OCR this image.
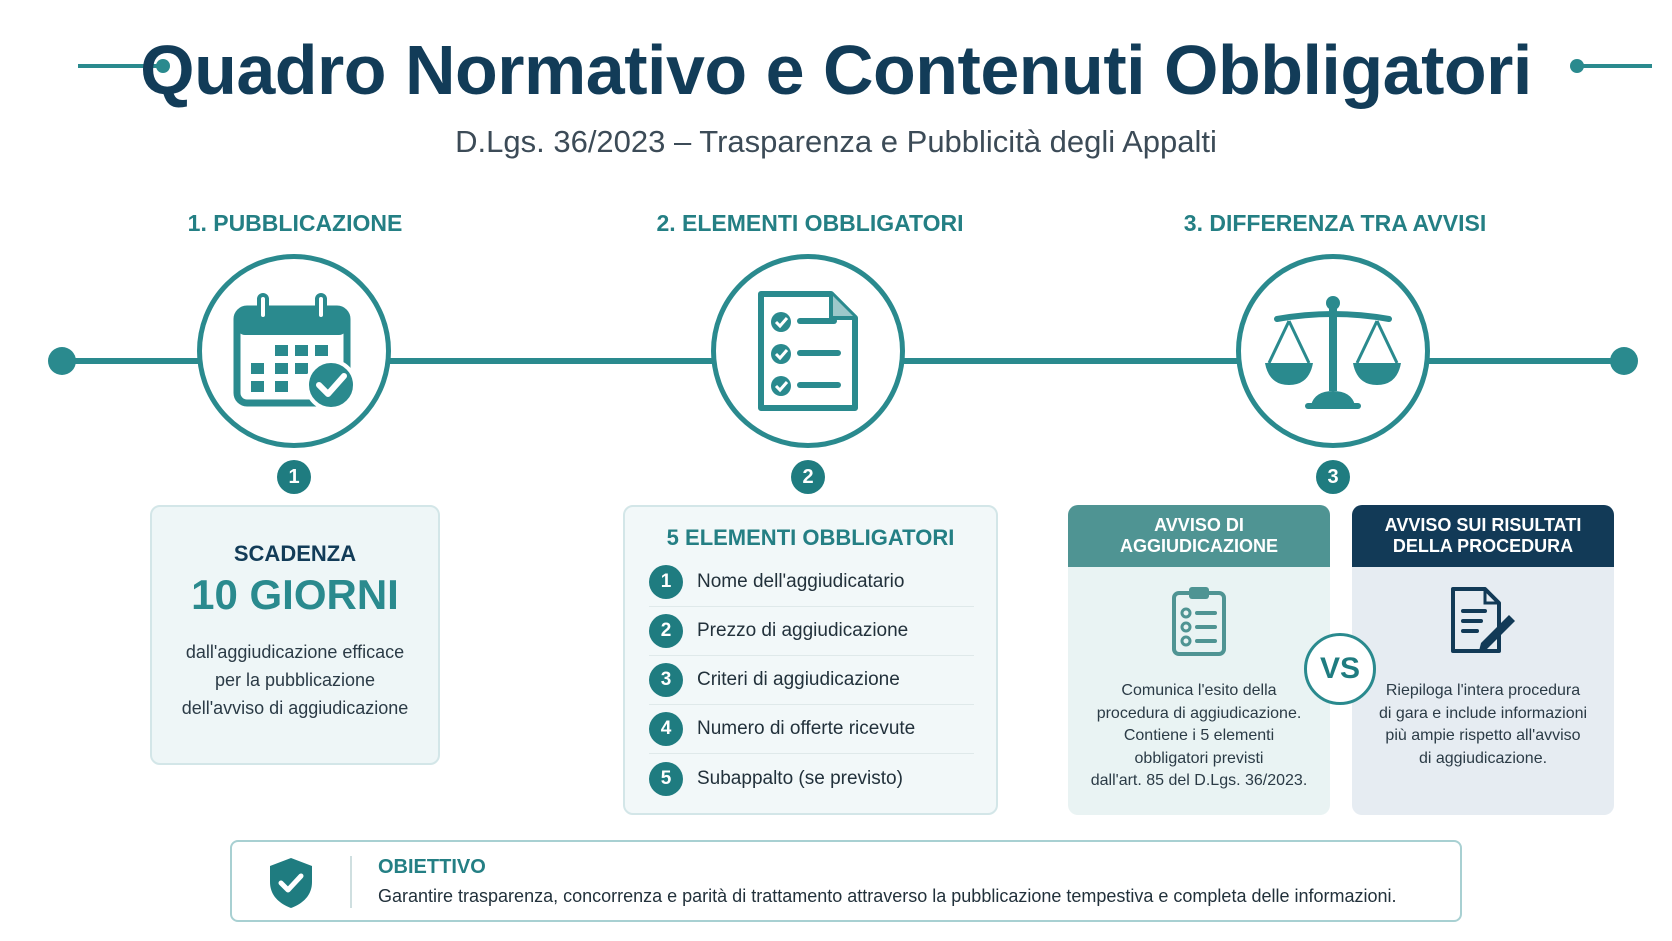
Quadro Normativo e Contenuti Obbligatori
D.Lgs. 36/2023 – Trasparenza e Pubblicità degli Appalti
1. PUBBLICAZIONE	2. ELEMENTI OBBLIGATORI	3. DIFFERENZA TRA AVVISI
1	2	3
SCADENZA
10 GIORNI
dall'aggiudicazione efficace
per la pubblicazione
dell'avviso di aggiudicazione
5 ELEMENTI OBBLIGATORI
1	Nome dell'aggiudicatario
2	Prezzo di aggiudicazione
3	Criteri di aggiudicazione
4	Numero di offerte ricevute
5	Subappalto (se previsto)
AVVISO DI
AGGIUDICAZIONE
Comunica l'esito della
procedura di aggiudicazione.
Contiene i 5 elementi
obbligatori previsti
dall'art. 85 del D.Lgs. 36/2023.
AVVISO SUI RISULTATI
DELLA PROCEDURA
Riepiloga l'intera procedura
di gara e include informazioni
più ampie rispetto all'avviso
di aggiudicazione.
VS
OBIETTIVO
Garantire trasparenza, concorrenza e parità di trattamento attraverso la pubblicazione tempestiva e completa delle informazioni.
